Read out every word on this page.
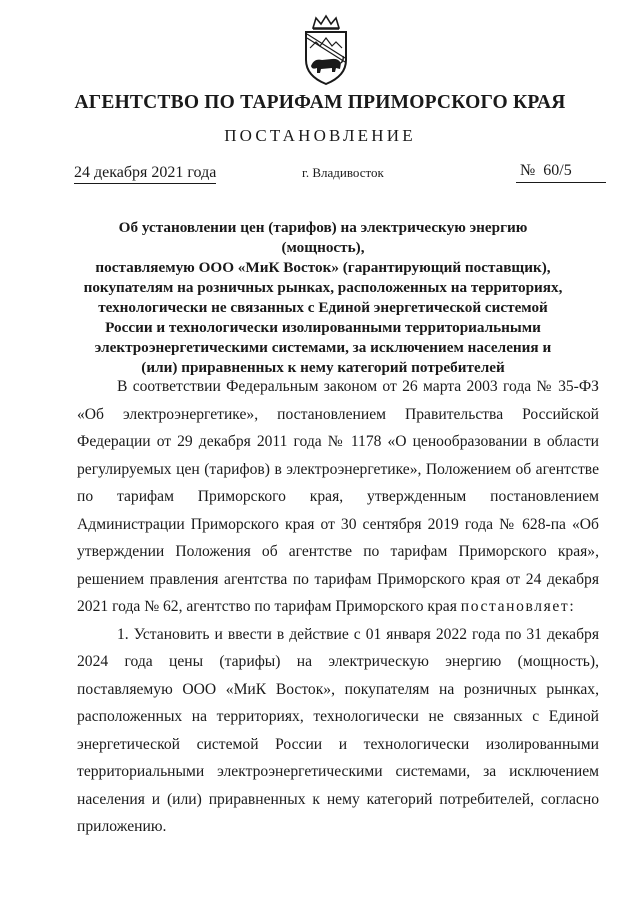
АГЕНТСТВО ПО ТАРИФАМ ПРИМОРСКОГО КРАЯ
ПОСТАНОВЛЕНИЕ
24 декабря 2021 года	г. Владивосток	№ 60/5
Об установлении цен (тарифов) на электрическую энергию (мощность),
поставляемую ООО «МиК Восток» (гарантирующий поставщик),
покупателям на розничных рынках, расположенных на территориях,
технологически не связанных с Единой энергетической системой
России и технологически изолированными территориальными
электроэнергетическими системами, за исключением населения и
(или) приравненных к нему категорий потребителей

В соответствии Федеральным законом от 26 марта 2003 года № 35-ФЗ «Об электроэнергетике», постановлением Правительства Российской Федерации от 29 декабря 2011 года № 1178 «О ценообразовании в области регулируемых цен (тарифов) в электроэнергетике», Положением об агентстве по тарифам Приморского края, утвержденным постановлением Администрации Приморского края от 30 сентября 2019 года № 628-па «Об утверждении Положения об агентстве по тарифам Приморского края», решением правления агентства по тарифам Приморского края от 24 декабря 2021 года № 62, агентство по тарифам Приморского края постановляет:

1. Установить и ввести в действие с 01 января 2022 года по 31 декабря 2024 года цены (тарифы) на электрическую энергию (мощность), поставляемую ООО «МиК Восток», покупателям на розничных рынках, расположенных на территориях, технологически не связанных с Единой энергетической системой России и технологически изолированными территориальными электроэнергетическими системами, за исключением населения и (или) приравненных к нему категорий потребителей, согласно приложению.
